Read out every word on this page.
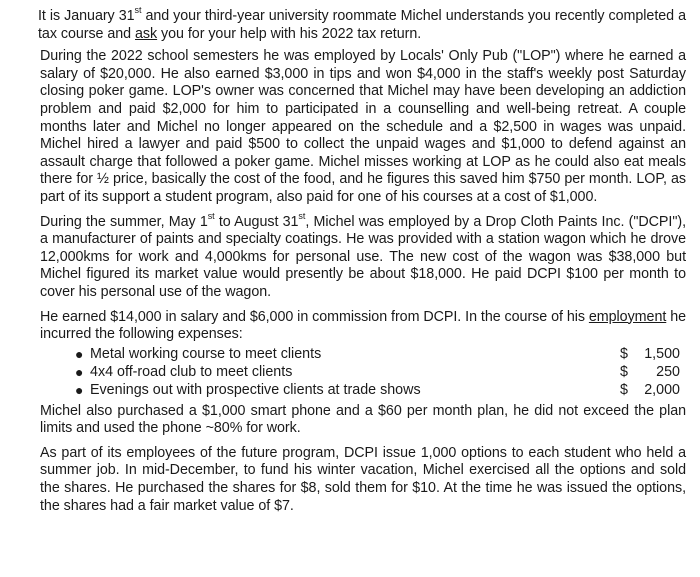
It is January 31st and your third-year university roommate Michel understands you recently completed a tax course and ask you for your help with his 2022 tax return.

During the 2022 school semesters he was employed by Locals' Only Pub ("LOP") where he earned a salary of $20,000. He also earned $3,000 in tips and won $4,000 in the staff's weekly post Saturday closing poker game. LOP's owner was concerned that Michel may have been developing an addiction problem and paid $2,000 for him to participated in a counselling and well-being retreat. A couple months later and Michel no longer appeared on the schedule and a $2,500 in wages was unpaid. Michel hired a lawyer and paid $500 to collect the unpaid wages and $1,000 to defend against an assault charge that followed a poker game. Michel misses working at LOP as he could also eat meals there for ½ price, basically the cost of the food, and he figures this saved him $750 per month. LOP, as part of its support a student program, also paid for one of his courses at a cost of $1,000.

During the summer, May 1st to August 31st, Michel was employed by a Drop Cloth Paints Inc. ("DCPI"), a manufacturer of paints and specialty coatings. He was provided with a station wagon which he drove 12,000kms for work and 4,000kms for personal use. The new cost of the wagon was $38,000 but Michel figured its market value would presently be about $18,000. He paid DCPI $100 per month to cover his personal use of the wagon.

He earned $14,000 in salary and $6,000 in commission from DCPI. In the course of his employment he incurred the following expenses:

● Metal working course to meet clients	$ 1,500
● 4x4 off-road club to meet clients	$ 250
● Evenings out with prospective clients at trade shows	$ 2,000

Michel also purchased a $1,000 smart phone and a $60 per month plan, he did not exceed the plan limits and used the phone ~80% for work.

As part of its employees of the future program, DCPI issue 1,000 options to each student who held a summer job. In mid-December, to fund his winter vacation, Michel exercised all the options and sold the shares. He purchased the shares for $8, sold them for $10. At the time he was issued the options, the shares had a fair market value of $7.
